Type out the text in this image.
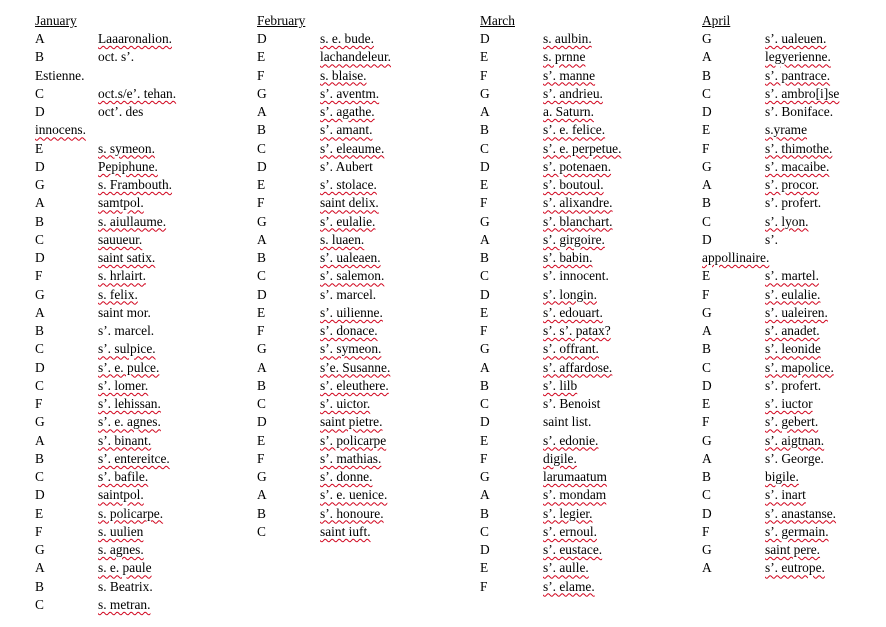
January
A	Laaaronalion.
B	oct. s’.
Estienne.
C	oct.s/e’. tehan.
D	oct’. des
innocens.
E	s. symeon.
D	Pepiphune.
G	s. Frambouth.
A	samtpol.
B	s. aiullaume.
C	sauueur.
D	saint satix.
F	s. hrlairt.
G	s. felix.
A	saint mor.
B	s’. marcel.
C	s’. sulpice.
D	s’. e. pulce.
C	s’. lomer.
F	s’. lehissan.
G	s’. e. agnes.
A	s’. binant.
B	s’. entereitce.
C	s’. bafile.
D	saintpol.
E	s. policarpe.
F	s. uulien
G	s. agnes.
A	s. e. paule
B	s. Beatrix.
C	s. metran.
February
D	s. e. bude.
E	lachandeleur.
F	s. blaise.
G	s’. aventm.
A	s’. agathe.
B	s’. amant.
C	s’. eleaume.
D	s’. Aubert
E	s’. stolace.
F	saint delix.
G	s’. eulalie.
A	s. luaen.
B	s’. ualeaen.
C	s’. salemon.
D	s’. marcel.
E	s’. uilienne.
F	s’. donace.
G	s’. symeon.
A	s’e. Susanne.
B	s’. eleuthere.
C	s’. uictor.
D	saint pietre.
E	s’. policarpe
F	s’. mathias.
G	s’. donne.
A	s’. e. uenice.
B	s’. honoure.
C	saint iuft.
March
D	s. aulbin.
E	s. prnne
F	s’. manne
G	s’. andrieu.
A	a. Saturn.
B	s’. e. felice.
C	s’. e. perpetue.
D	s’. potenaen.
E	s’. boutoul.
F	s’. alixandre.
G	s’. blanchart.
A	s’. girgoire.
B	s’. babin.
C	s’. innocent.
D	s’. longin.
E	s’. edouart.
F	s’. s’. patax?
G	s’. offrant.
A	s’. affardose.
B	s’. lilb
C	s’. Benoist
D	saint list.
E	s’. edonie.
F	digile.
G	larumaatum
A	s’. mondam
B	s’. legier.
C	s’. ernoul.
D	s’. eustace.
E	s’. aulle.
F	s’. elame.
April
G	s’. ualeuen.
A	legyerienne.
B	s’. pantrace.
C	s’. ambro[i]se
D	s’. Boniface.
E	s.yrame
F	s’. thimothe.
G	s’. macaibe.
A	s’. procor.
B	s’. profert.
C	s’. lyon.
D	s’.
appollinaire.
E	s’. martel.
F	s’. eulalie.
G	s’. ualeiren.
A	s’. anadet.
B	s’. leonide
C	s’. mapolice.
D	s’. profert.
E	s’. iuctor
F	s’. gebert.
G	s’. aigtnan.
A	s’. George.
B	bigile.
C	s’. inart
D	s’. anastanse.
F	s’. germain.
G	saint pere.
A	s’. eutrope.
